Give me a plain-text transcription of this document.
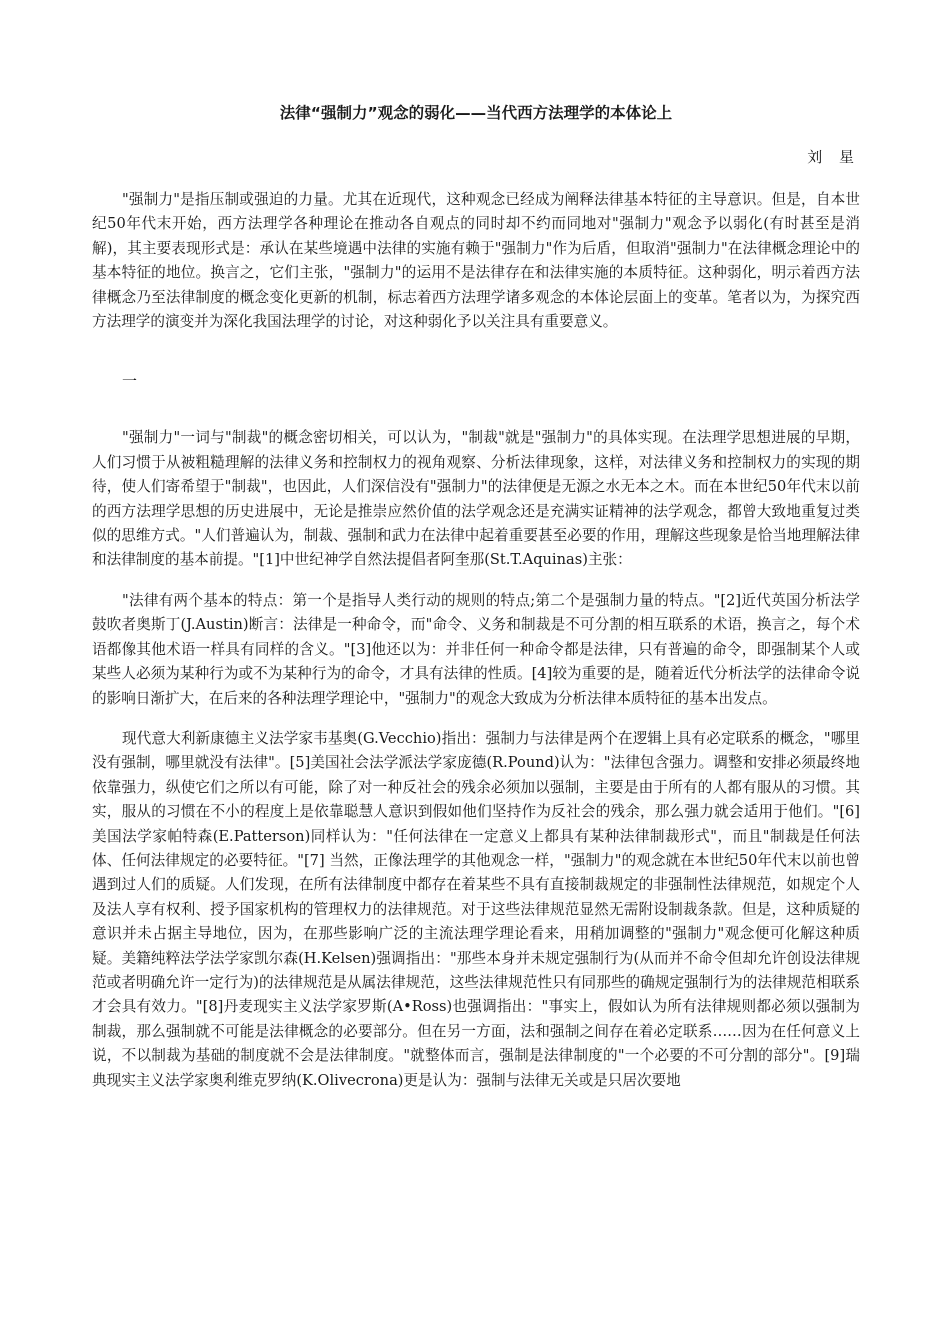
法律“强制力”观念的弱化——当代西方法理学的本体论上
刘 星

"强制力"是指压制或强迫的力量。尤其在近现代，这种观念已经成为阐释法律基本特征的主导意识。但是，自本世纪50年代末开始，西方法理学各种理论在推动各自观点的同时却不约而同地对"强制力"观念予以弱化(有时甚至是消解)，其主要表现形式是：承认在某些境遇中法律的实施有赖于"强制力"作为后盾，但取消"强制力"在法律概念理论中的基本特征的地位。换言之，它们主张，"强制力"的运用不是法律存在和法律实施的本质特征。这种弱化，明示着西方法律概念乃至法律制度的概念变化更新的机制，标志着西方法理学诸多观念的本体论层面上的变革。笔者以为，为探究西方法理学的演变并为深化我国法理学的讨论，对这种弱化予以关注具有重要意义。

一

"强制力"一词与"制裁"的概念密切相关，可以认为，"制裁"就是"强制力"的具体实现。在法理学思想进展的早期，人们习惯于从被粗糙理解的法律义务和控制权力的视角观察、分析法律现象，这样，对法律义务和控制权力的实现的期待，使人们寄希望于"制裁"，也因此，人们深信没有"强制力"的法律便是无源之水无本之木。而在本世纪50年代末以前的西方法理学思想的历史进展中，无论是推崇应然价值的法学观念还是充满实证精神的法学观念，都曾大致地重复过类似的思维方式。"人们普遍认为，制裁、强制和武力在法律中起着重要甚至必要的作用，理解这些现象是恰当地理解法律和法律制度的基本前提。"[1]中世纪神学自然法提倡者阿奎那(St.T.Aquinas)主张：

"法律有两个基本的特点：第一个是指导人类行动的规则的特点;第二个是强制力量的特点。"[2]近代英国分析法学鼓吹者奥斯丁(J.Austin)断言：法律是一种命令，而"命令、义务和制裁是不可分割的相互联系的术语，换言之，每个术语都像其他术语一样具有同样的含义。"[3]他还以为：并非任何一种命令都是法律，只有普遍的命令，即强制某个人或某些人必须为某种行为或不为某种行为的命令，才具有法律的性质。[4]较为重要的是，随着近代分析法学的法律命令说的影响日渐扩大，在后来的各种法理学理论中，"强制力"的观念大致成为分析法律本质特征的基本出发点。

现代意大利新康德主义法学家韦基奥(G.Vecchio)指出：强制力与法律是两个在逻辑上具有必定联系的概念，"哪里没有强制，哪里就没有法律"。[5]美国社会法学派法学家庞德(R.Pound)认为："法律包含强力。调整和安排必须最终地依靠强力，纵使它们之所以有可能，除了对一种反社会的残余必须加以强制，主要是由于所有的人都有服从的习惯。其实，服从的习惯在不小的程度上是依靠聪慧人意识到假如他们坚持作为反社会的残余，那么强力就会适用于他们。"[6]美国法学家帕特森(E.Patterson)同样认为："任何法律在一定意义上都具有某种法律制裁形式"，而且"制裁是任何法体、任何法律规定的必要特征。"[7] 当然，正像法理学的其他观念一样，"强制力"的观念就在本世纪50年代末以前也曾遇到过人们的质疑。人们发现，在所有法律制度中都存在着某些不具有直接制裁规定的非强制性法律规范，如规定个人及法人享有权利、授予国家机构的管理权力的法律规范。对于这些法律规范显然无需附设制裁条款。但是，这种质疑的意识并未占据主导地位，因为，在那些影响广泛的主流法理学理论看来，用稍加调整的"强制力"观念便可化解这种质疑。美籍纯粹法学法学家凯尔森(H.Kelsen)强调指出："那些本身并未规定强制行为(从而并不命令但却允许创设法律规范或者明确允许一定行为)的法律规范是从属法律规范，这些法律规范性只有同那些的确规定强制行为的法律规范相联系才会具有效力。"[8]丹麦现实主义法学家罗斯(A•Ross)也强调指出："事实上，假如认为所有法律规则都必须以强制为制裁，那么强制就不可能是法律概念的必要部分。但在另一方面，法和强制之间存在着必定联系……因为在任何意义上说，不以制裁为基础的制度就不会是法律制度。"就整体而言，强制是法律制度的"一个必要的不可分割的部分"。[9]瑞典现实主义法学家奥利维克罗纳(K.Olivecrona)更是认为：强制与法律无关或是只居次要地
